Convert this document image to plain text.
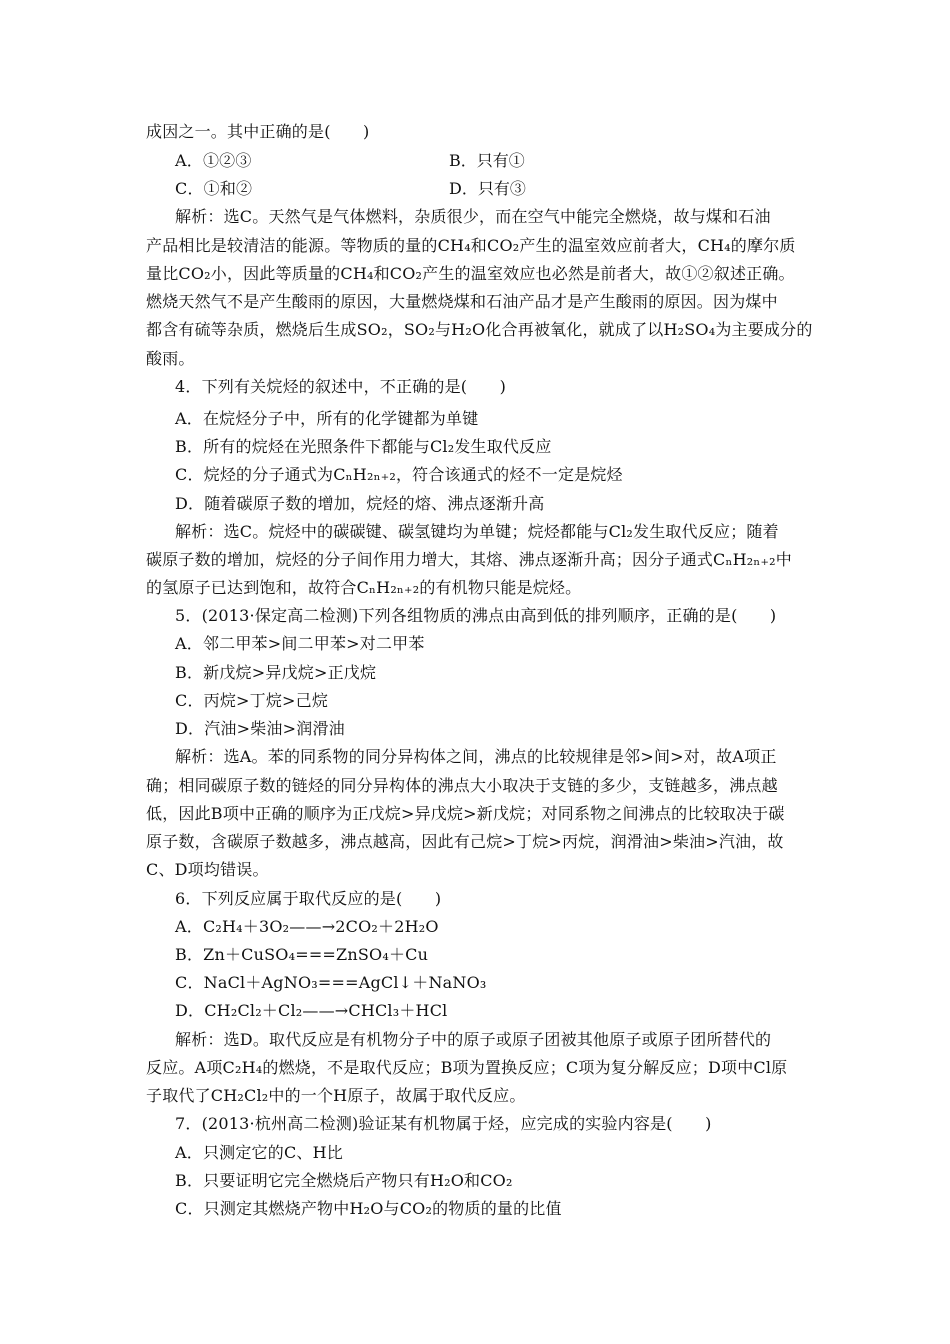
成因之一。其中正确的是(　　)
A．①②③	B．只有①
C．①和②	D．只有③
解析：选C。天然气是气体燃料，杂质很少，而在空气中能完全燃烧，故与煤和石油
产品相比是较清洁的能源。等物质的量的CH₄和CO₂产生的温室效应前者大，CH₄的摩尔质
量比CO₂小，因此等质量的CH₄和CO₂产生的温室效应也必然是前者大，故①②叙述正确。
燃烧天然气不是产生酸雨的原因，大量燃烧煤和石油产品才是产生酸雨的原因。因为煤中
都含有硫等杂质，燃烧后生成SO₂，SO₂与H₂O化合再被氧化，就成了以H₂SO₄为主要成分的
酸雨。
4．下列有关烷烃的叙述中，不正确的是(　　)
A．在烷烃分子中，所有的化学键都为单键
B．所有的烷烃在光照条件下都能与Cl₂发生取代反应
C．烷烃的分子通式为CₙH₂ₙ₊₂，符合该通式的烃不一定是烷烃
D．随着碳原子数的增加，烷烃的熔、沸点逐渐升高
解析：选C。烷烃中的碳碳键、碳氢键均为单键；烷烃都能与Cl₂发生取代反应；随着
碳原子数的增加，烷烃的分子间作用力增大，其熔、沸点逐渐升高；因分子通式CₙH₂ₙ₊₂中
的氢原子已达到饱和，故符合CₙH₂ₙ₊₂的有机物只能是烷烃。
5．(2013·保定高二检测)下列各组物质的沸点由高到低的排列顺序，正确的是(　　)
A．邻二甲苯>间二甲苯>对二甲苯
B．新戊烷>异戊烷>正戊烷
C．丙烷>丁烷>己烷
D．汽油>柴油>润滑油
解析：选A。苯的同系物的同分异构体之间，沸点的比较规律是邻>间>对，故A项正
确；相同碳原子数的链烃的同分异构体的沸点大小取决于支链的多少，支链越多，沸点越
低，因此B项中正确的顺序为正戊烷>异戊烷>新戊烷；对同系物之间沸点的比较取决于碳
原子数，含碳原子数越多，沸点越高，因此有己烷>丁烷>丙烷，润滑油>柴油>汽油，故
C、D项均错误。
6．下列反应属于取代反应的是(　　)
A．C₂H₄＋3O₂——→2CO₂＋2H₂O
B．Zn＋CuSO₄===ZnSO₄＋Cu
C．NaCl＋AgNO₃===AgCl↓＋NaNO₃
D．CH₂Cl₂＋Cl₂——→CHCl₃＋HCl
解析：选D。取代反应是有机物分子中的原子或原子团被其他原子或原子团所替代的
反应。A项C₂H₄的燃烧，不是取代反应；B项为置换反应；C项为复分解反应；D项中Cl原
子取代了CH₂Cl₂中的一个H原子，故属于取代反应。
7．(2013·杭州高二检测)验证某有机物属于烃，应完成的实验内容是(　　)
A．只测定它的C、H比
B．只要证明它完全燃烧后产物只有H₂O和CO₂
C．只测定其燃烧产物中H₂O与CO₂的物质的量的比值
